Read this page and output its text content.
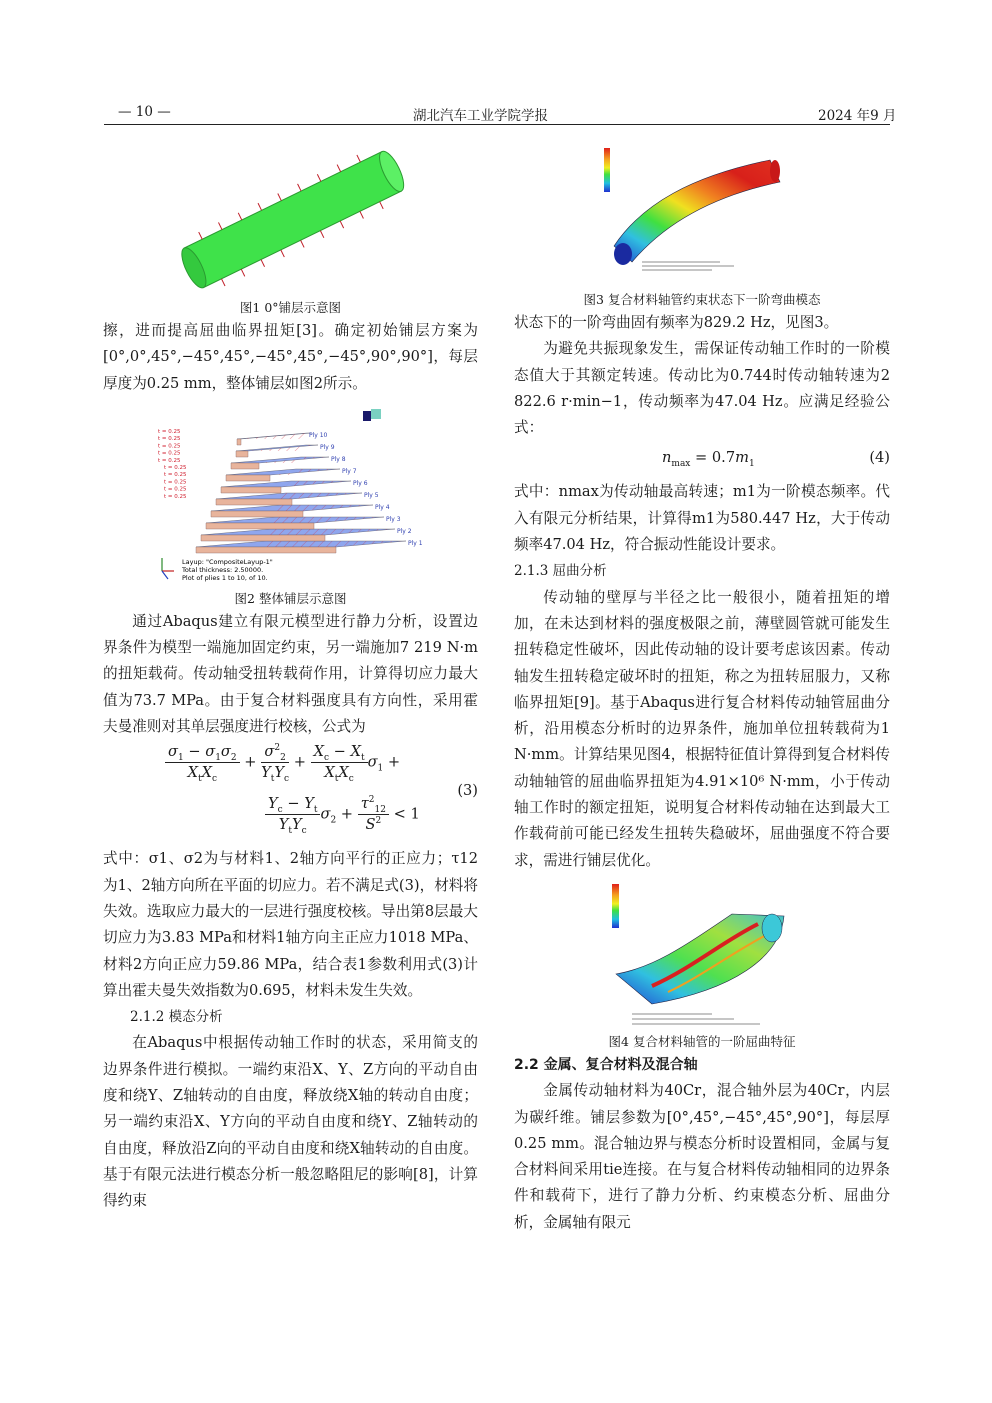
— 10 —	湖北汽车工业学院学报	2024 年9 月
图1 0°铺层示意图

擦，进而提高屈曲临界扭矩[3]。确定初始铺层方案为[0°,0°,45°,−45°,45°,−45°,45°,−45°,90°,90°]，每层厚度为0.25 mm，整体铺层如图2所示。

Ply 1
Ply 2
Ply 3
Ply 4
Ply 5
Ply 6
Ply 7
Ply 8
Ply 9
Ply 10
t = 0.25
t = 0.25
t = 0.25
t = 0.25
t = 0.25
t = 0.25
t = 0.25
t = 0.25
t = 0.25
t = 0.25
Layup: "CompositeLayup-1"
Total thickness: 2.50000.
Plot of plies 1 to 10, of 10.
图2 整体铺层示意图

通过Abaqus建立有限元模型进行静力分析，设置边界条件为模型一端施加固定约束，另一端施加7 219 N·m的扭矩载荷。传动轴受扭转载荷作用，计算得切应力最大值为73.7 MPa。由于复合材料强度具有方向性，采用霍夫曼准则对其单层强度进行校核，公式为

$\sigma_1 - \sigma_1\sigma_2$
$X_tX_c$
+
$\sigma^2_2$
$Y_tY_c$
+
$X_c - X_t$
$X_tX_c$
$\sigma_1$ +
$Y_c - Y_t$
$Y_tY_c$
$\sigma_2 + \frac{\tau^2_{12}}{S^2} < 1$
(3)

式中：σ1、σ2为与材料1、2轴方向平行的正应力；τ12为1、2轴方向所在平面的切应力。若不满足式(3)，材料将失效。选取应力最大的一层进行强度校核。导出第8层最大切应力为3.83 MPa和材料1轴方向主正应力1018 MPa、材料2方向正应力59.86 MPa，结合表1参数利用式(3)计算出霍夫曼失效指数为0.695，材料未发生失效。

2.1.2 模态分析

在Abaqus中根据传动轴工作时的状态，采用简支的边界条件进行模拟。一端约束沿X、Y、Z方向的平动自由度和绕Y、Z轴转动的自由度，释放绕X轴的转动自由度；另一端约束沿X、Y方向的平动自由度和绕Y、Z轴转动的自由度，释放沿Z向的平动自由度和绕X轴转动的自由度。基于有限元法进行模态分析一般忽略阻尼的影响[8]，计算得约束

图3 复合材料轴管约束状态下一阶弯曲模态

状态下的一阶弯曲固有频率为829.2 Hz，见图3。

为避免共振现象发生，需保证传动轴工作时的一阶模态值大于其额定转速。传动比为0.744时传动轴转速为2 822.6 r·min−1，传动频率为47.04 Hz。应满足经验公式：

$n_{max} = 0.7m_1$	(4)

式中：nmax为传动轴最高转速；m1为一阶模态频率。代入有限元分析结果，计算得m1为580.447 Hz，大于传动频率47.04 Hz，符合振动性能设计要求。

2.1.3 屈曲分析

传动轴的壁厚与半径之比一般很小，随着扭矩的增加，在未达到材料的强度极限之前，薄壁圆管就可能发生扭转稳定性破坏，因此传动轴的设计要考虑该因素。传动轴发生扭转稳定破坏时的扭矩，称之为扭转屈服力，又称临界扭矩[9]。基于Abaqus进行复合材料传动轴管屈曲分析，沿用模态分析时的边界条件，施加单位扭转载荷为1 N·mm。计算结果见图4，根据特征值计算得到复合材料传动轴轴管的屈曲临界扭矩为4.91×10⁶ N·mm，小于传动轴工作时的额定扭矩，说明复合材料传动轴在达到最大工作载荷前可能已经发生扭转失稳破坏，屈曲强度不符合要求，需进行铺层优化。

图4 复合材料轴管的一阶屈曲特征

2.2 金属、复合材料及混合轴

金属传动轴材料为40Cr，混合轴外层为40Cr，内层为碳纤维。铺层参数为[0°,45°,−45°,45°,90°]，每层厚0.25 mm。混合轴边界与模态分析时设置相同，金属与复合材料间采用tie连接。在与复合材料传动轴相同的边界条件和载荷下，进行了静力分析、约束模态分析、屈曲分析，金属轴有限元
